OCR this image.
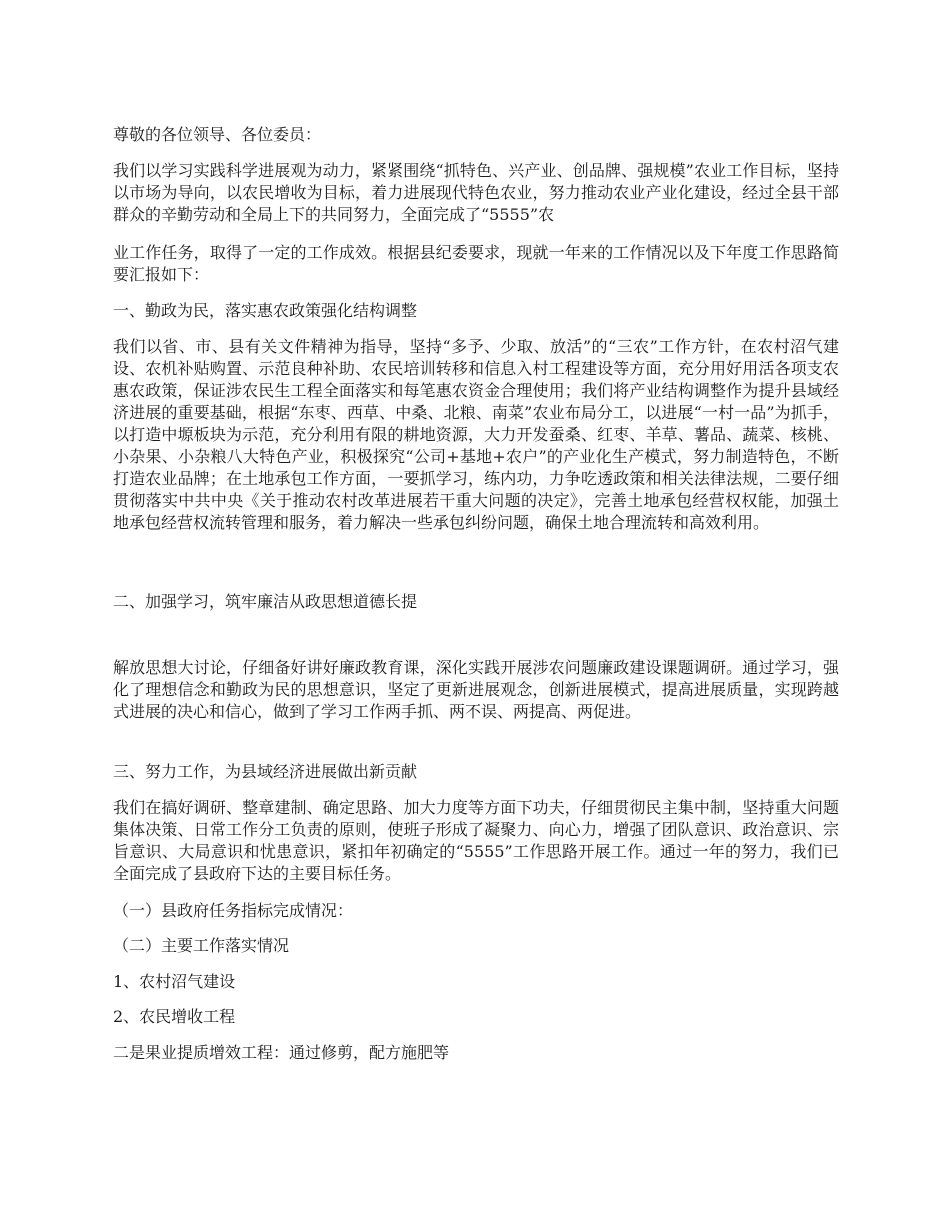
尊敬的各位领导、各位委员：

我们以学习实践科学进展观为动力，紧紧围绕“抓特色、兴产业、创品牌、强规模”农业工作目标，坚持以市场为导向，以农民增收为目标，着力进展现代特色农业，努力推动农业产业化建设，经过全县干部群众的辛勤劳动和全局上下的共同努力，全面完成了“5555”农

业工作任务，取得了一定的工作成效。根据县纪委要求，现就一年来的工作情况以及下年度工作思路简要汇报如下：

一、勤政为民，落实惠农政策强化结构调整

我们以省、市、县有关文件精神为指导，坚持“多予、少取、放活”的“三农”工作方针，在农村沼气建设、农机补贴购置、示范良种补助、农民培训转移和信息入村工程建设等方面，充分用好用活各项支农惠农政策，保证涉农民生工程全面落实和每笔惠农资金合理使用；我们将产业结构调整作为提升县域经济进展的重要基础，根据“东枣、西草、中桑、北粮、南菜”农业布局分工，以进展“一村一品”为抓手，以打造中塬板块为示范，充分利用有限的耕地资源，大力开发蚕桑、红枣、羊草、薯品、蔬菜、核桃、小杂果、小杂粮八大特色产业，积极探究“公司+基地+农户”的产业化生产模式，努力制造特色，不断打造农业品牌；在土地承包工作方面，一要抓学习，练内功，力争吃透政策和相关法律法规，二要仔细贯彻落实中共中央《关于推动农村改革进展若干重大问题的决定》，完善土地承包经营权权能，加强土地承包经营权流转管理和服务，着力解决一些承包纠纷问题，确保土地合理流转和高效利用。

二、加强学习，筑牢廉洁从政思想道德长提

解放思想大讨论，仔细备好讲好廉政教育课，深化实践开展涉农问题廉政建设课题调研。通过学习，强化了理想信念和勤政为民的思想意识，坚定了更新进展观念，创新进展模式，提高进展质量，实现跨越式进展的决心和信心，做到了学习工作两手抓、两不误、两提高、两促进。

三、努力工作，为县域经济进展做出新贡献

我们在搞好调研、整章建制、确定思路、加大力度等方面下功夫，仔细贯彻民主集中制，坚持重大问题集体决策、日常工作分工负责的原则，使班子形成了凝聚力、向心力，增强了团队意识、政治意识、宗旨意识、大局意识和忧患意识，紧扣年初确定的“5555”工作思路开展工作。通过一年的努力，我们已全面完成了县政府下达的主要目标任务。

（一）县政府任务指标完成情况：

（二）主要工作落实情况

1、农村沼气建设

2、农民增收工程

二是果业提质增效工程：通过修剪，配方施肥等
